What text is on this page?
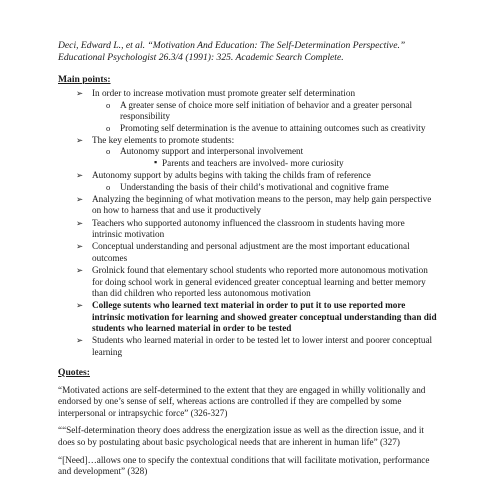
Deci, Edward L., et al. “Motivation And Education: The Self-Determination Perspective.” Educational Psychologist 26.3/4 (1991): 325. Academic Search Complete.

Main points:

➢ In order to increase motivation must promote greater self determination
o A greater sense of choice more self initiation of behavior and a greater personal responsibility
o Promoting self determination is the avenue to attaining outcomes such as creativity
➢ The key elements to promote students:
o Autonomy support and interpersonal involvement
▪ Parents and teachers are involved- more curiosity
➢ Autonomy support by adults begins with taking the childs fram of reference
o Understanding the basis of their child’s motivational and cognitive frame
➢ Analyzing the beginning of what motivation means to the person, may help gain perspective on how to harness that and use it productively
➢ Teachers who supported autonomy influenced the classroom in students having more intrinsic motivation
➢ Conceptual understanding and personal adjustment are the most important educational outcomes
➢ Grolnick found that elementary school students who reported more autonomous motivation for doing school work in general evidenced greater conceptual learning and better memory than did children who reported less autonomous motivation
➢ College sutents who learned text material in order to put it to use reported more intrinsic motivation for learning and showed greater conceptual understanding than did students who learned material in order to be tested
➢ Students who learned material in order to be tested let to lower interst and poorer conceptual learning

Quotes:

“Motivated actions are self-determined to the extent that they are engaged in whilly volitionally and endorsed by one’s sense of self, whereas actions are controlled if they are compelled by some interpersonal or intrapsychic force” (326-327)

““Self-determination theory does address the energization issue as well as the direction issue, and it does so by postulating about basic psychological needs that are inherent in human life” (327)

“[Need]…allows one to specify the contextual conditions that will facilitate motivation, performance and development” (328)
